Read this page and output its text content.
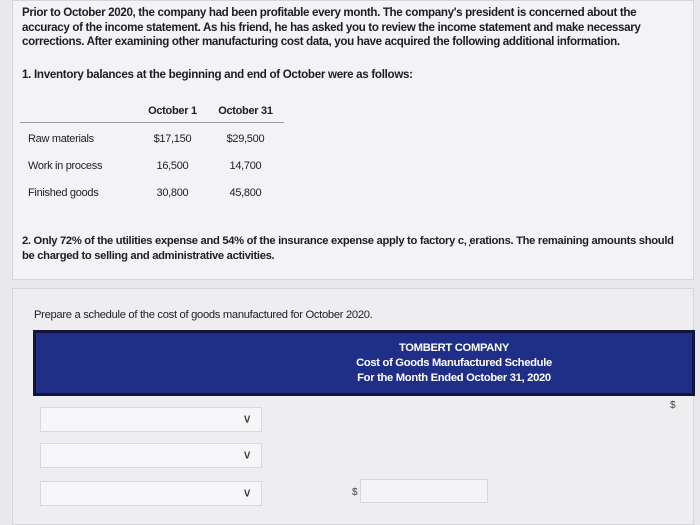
Prior to October 2020, the company had been profitable every month. The company's president is concerned about the accuracy of the income statement. As his friend, he has asked you to review the income statement and make necessary corrections. After examining other manufacturing cost data, you have acquired the following additional information.
1. Inventory balances at the beginning and end of October were as follows:
	October 1	October 31
Raw materials	$17,150	$29,500
Work in process	16,500	14,700
Finished goods	30,800	45,800
2. Only 72% of the utilities expense and 54% of the insurance expense apply to factory c‚ ̦erations. The remaining amounts should be charged to selling and administrative activities.
Prepare a schedule of the cost of goods manufactured for October 2020.
TOMBERT COMPANY
Cost of Goods Manufactured Schedule
For the Month Ended October 31, 2020
$
˅
˅
˅	$
